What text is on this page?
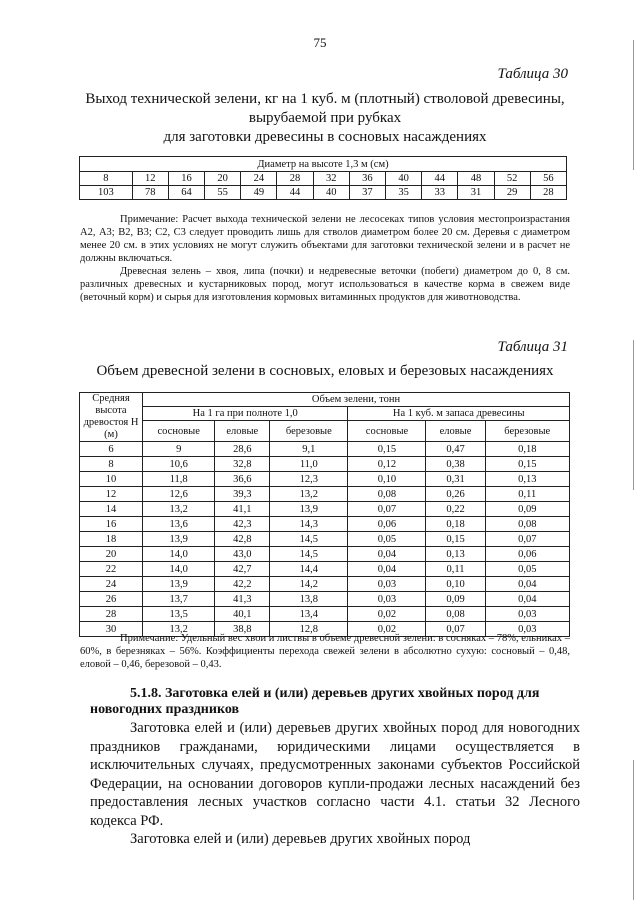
75
Таблица 30
Выход технической зелени, кг на 1 куб. м (плотный) стволовой древесины,
вырубаемой при рубках
для заготовки древесины в сосновых насаждениях
Диаметр на высоте 1,3 м (см)												
8	12	16	20	24	28	32	36	40	44	48	52	56
103	78	64	55	49	44	40	37	35	33	31	29	28
Примечание: Расчет выхода технической зелени не лесосеках типов условия местопроизрастания А2, А3; В2, В3; С2, С3 следует проводить лишь для стволов диаметром более 20 см. Деревья с диаметром менее 20 см. в этих условиях не могут служить объектами для заготовки технической зелени и в расчет не должны включаться.
Древесная зелень – хвоя, липа (почки) и недревесные веточки (побеги) диаметром до 0, 8 см. различных древесных и кустарниковых пород, могут использоваться в качестве корма в свежем виде (веточный корм) и сырья для изготовления кормовых витаминных продуктов для животноводства.
Таблица 31
Объем древесной зелени в сосновых, еловых и березовых насаждениях
Средняя высота древостоя Н (м)	Объем зелени, тонн					
	На 1 га при полноте 1,0			На 1 куб. м запаса древесины		
	сосновые	еловые	березовые	сосновые	еловые	березовые
6	9	28,6	9,1	0,15	0,47	0,18
8	10,6	32,8	11,0	0,12	0,38	0,15
10	11,8	36,6	12,3	0,10	0,31	0,13
12	12,6	39,3	13,2	0,08	0,26	0,11
14	13,2	41,1	13,9	0,07	0,22	0,09
16	13,6	42,3	14,3	0,06	0,18	0,08
18	13,9	42,8	14,5	0,05	0,15	0,07
20	14,0	43,0	14,5	0,04	0,13	0,06
22	14,0	42,7	14,4	0,04	0,11	0,05
24	13,9	42,2	14,2	0,03	0,10	0,04
26	13,7	41,3	13,8	0,03	0,09	0,04
28	13,5	40,1	13,4	0,02	0,08	0,03
30	13,2	38,8	12,8	0,02	0,07	0,03
Примечание: Удельный вес хвои и листвы в объеме древесной зелени: в сосняках – 78%, ельниках – 60%, в березняках – 56%. Коэффициенты перехода свежей зелени в абсолютно сухую: сосновый – 0,48, еловой – 0,46, березовой – 0,43.
5.1.8. Заготовка елей и (или) деревьев других хвойных пород для новогодних праздников
Заготовка елей и (или) деревьев других хвойных пород для новогодних праздников гражданами, юридическими лицами осуществляется в исключительных случаях, предусмотренных законами субъектов Российской Федерации, на основании договоров купли-продажи лесных насаждений без предоставления лесных участков согласно части 4.1. статьи 32 Лесного кодекса РФ.
Заготовка елей и (или) деревьев других хвойных пород
